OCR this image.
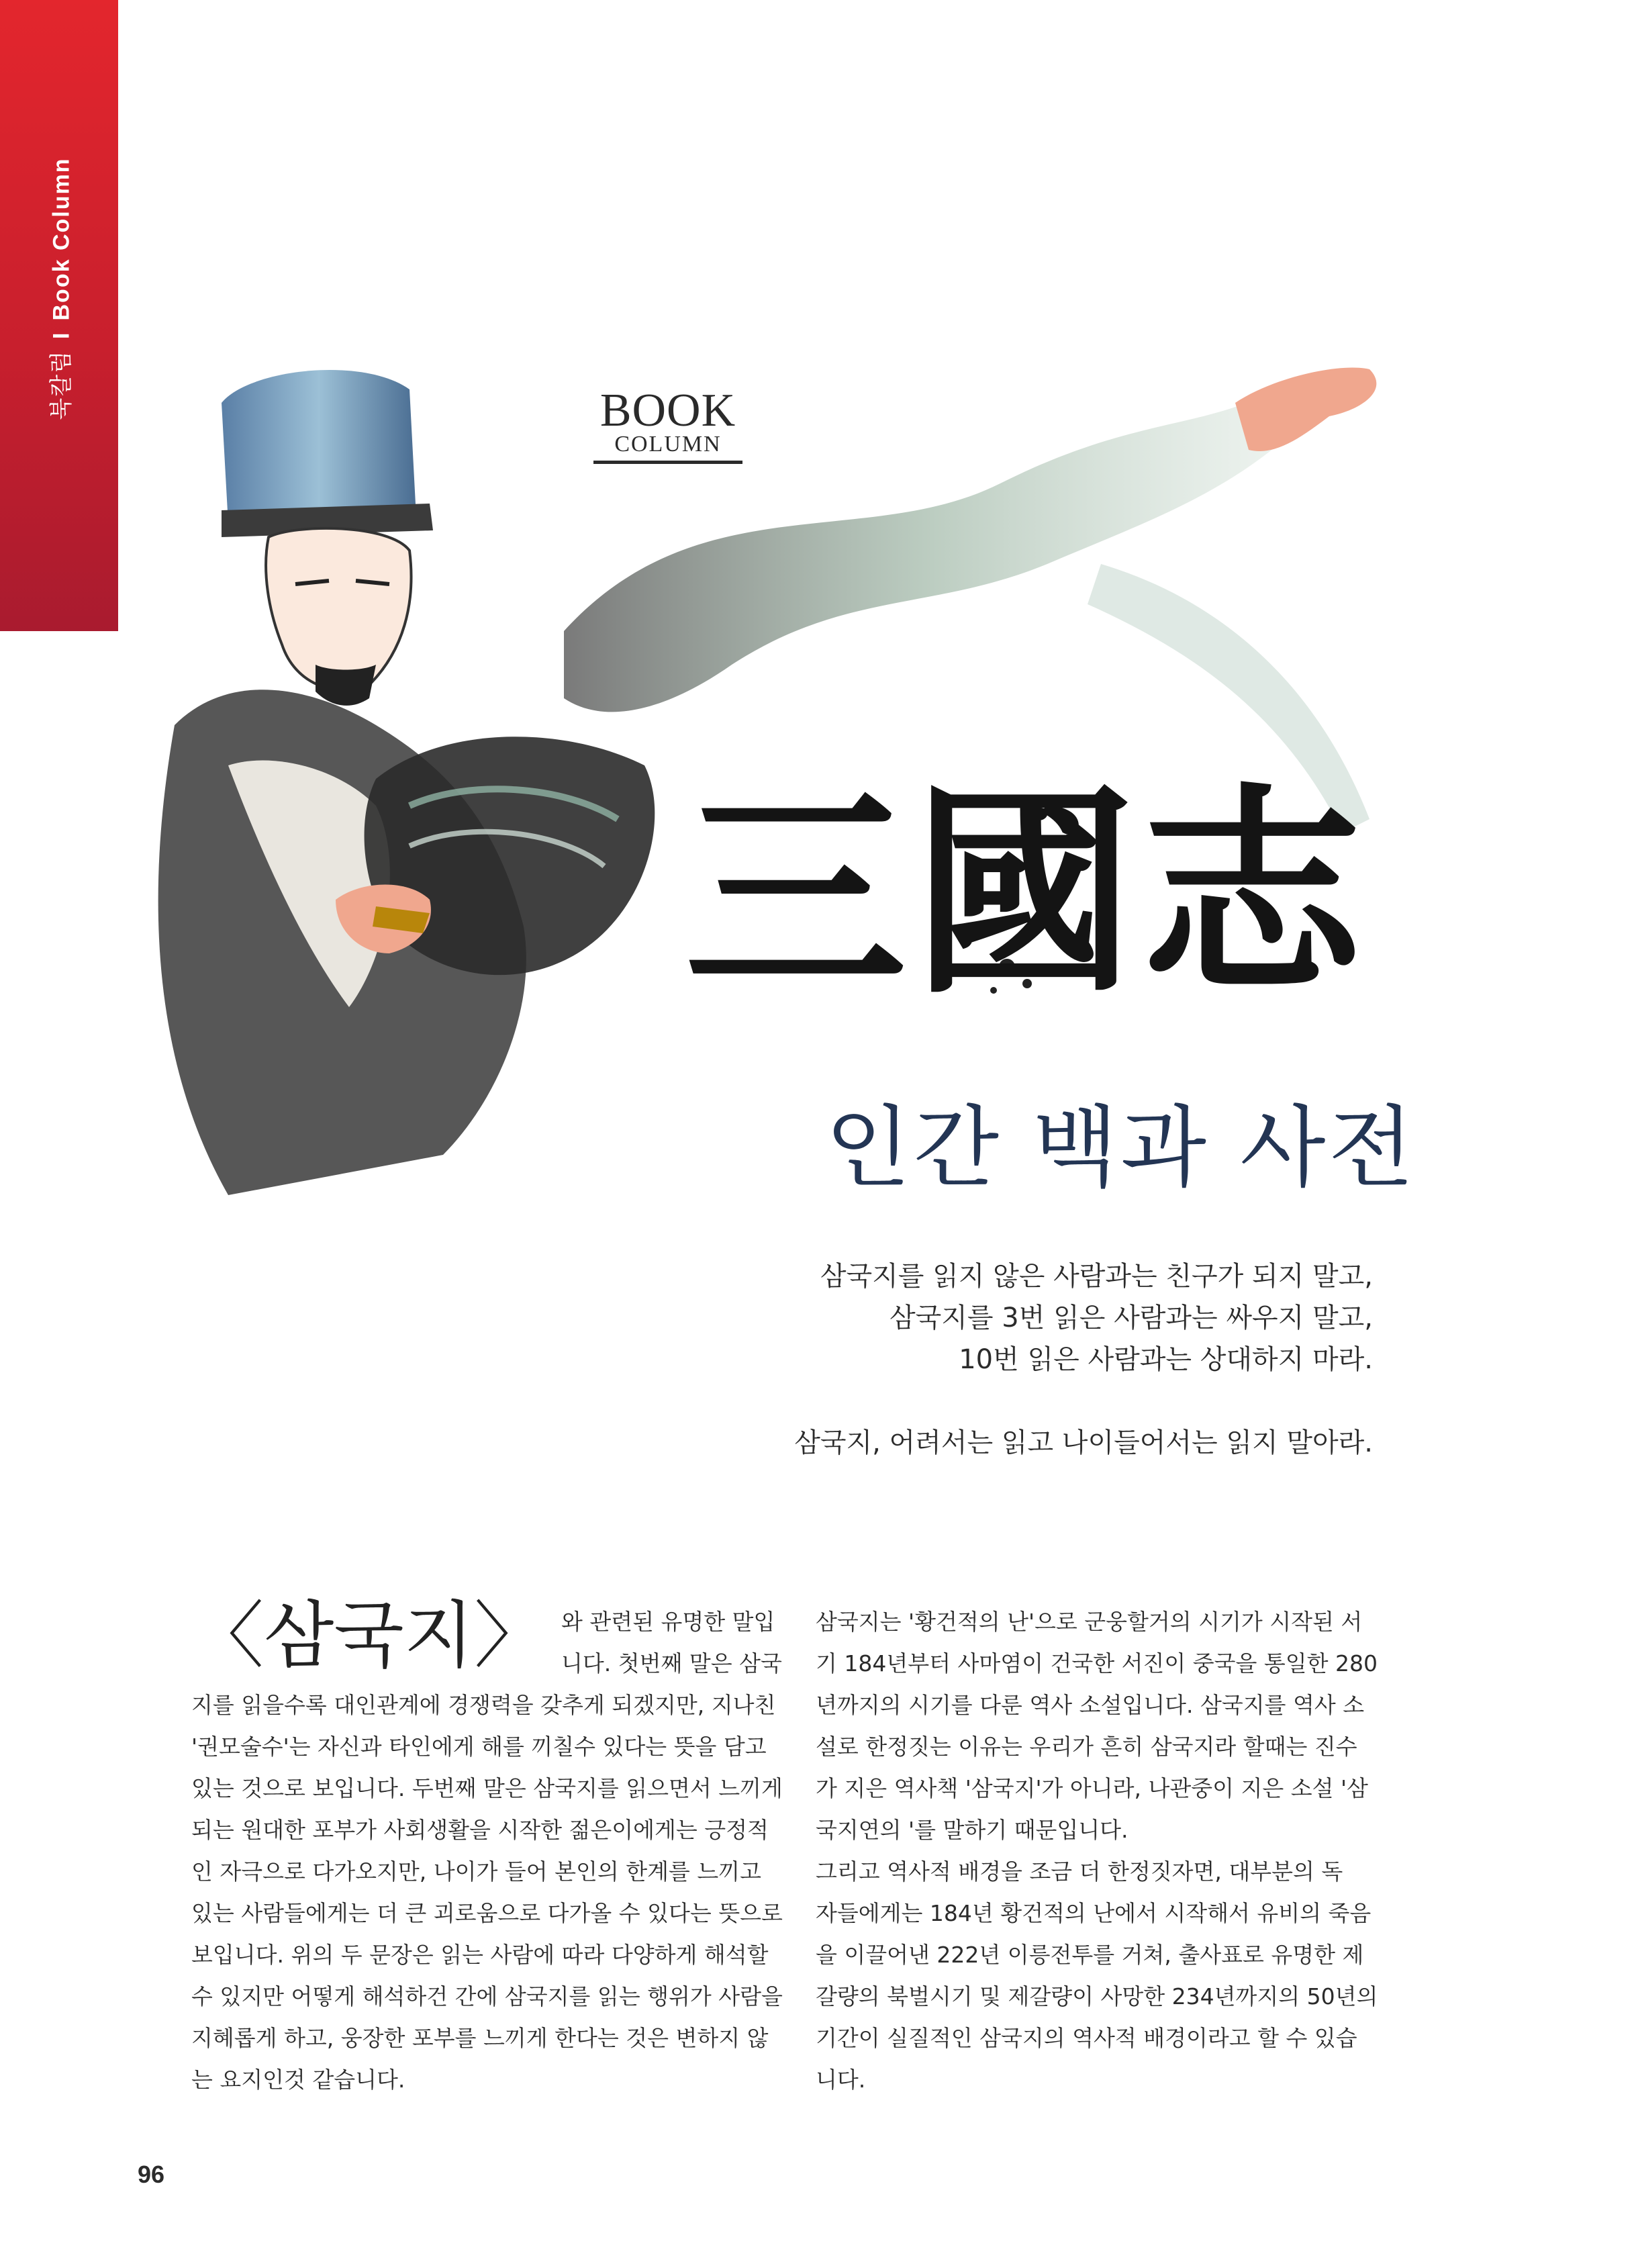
북칼럼IBook Column
BOOK
COLUMN
三國志
인간 백과 사전
삼국지를 읽지 않은 사람과는 친구가 되지 말고,
삼국지를 3번 읽은 사람과는 싸우지 말고,
10번 읽은 사람과는 상대하지 마라.
삼국지, 어려서는 읽고 나이들어서는 읽지 말아라.
〈삼국지〉 와 관련된 유명한 말입니다. 첫번째 말은 삼국지를 읽을수록 대인관계에 경쟁력을 갖추게 되겠지만, 지나친 '권모술수'는 자신과 타인에게 해를 끼칠수 있다는 뜻을 담고 있는 것으로 보입니다. 두번째 말은 삼국지를 읽으면서 느끼게 되는 원대한 포부가 사회생활을 시작한 젊은이에게는 긍정적인 자극으로 다가오지만, 나이가 들어 본인의 한계를 느끼고 있는 사람들에게는 더 큰 괴로움으로 다가올 수 있다는 뜻으로 보입니다. 위의 두 문장은 읽는 사람에 따라 다양하게 해석할 수 있지만 어떻게 해석하건 간에 삼국지를 읽는 행위가 사람을 지혜롭게 하고, 웅장한 포부를 느끼게 한다는 것은 변하지 않는 요지인것 같습니다.

삼국지는 '황건적의 난'으로 군웅할거의 시기가 시작된 서
기 184년부터 사마염이 건국한 서진이 중국을 통일한 280
년까지의 시기를 다룬 역사 소설입니다. 삼국지를 역사 소
설로 한정짓는 이유는 우리가 흔히 삼국지라 할때는 진수
가 지은 역사책 '삼국지'가 아니라, 나관중이 지은 소설 '삼
국지연의 '를 말하기 때문입니다.
그리고 역사적 배경을 조금 더 한정짓자면, 대부분의 독
자들에게는 184년 황건적의 난에서 시작해서 유비의 죽음
을 이끌어낸 222년 이릉전투를 거쳐, 출사표로 유명한 제
갈량의 북벌시기 및 제갈량이 사망한 234년까지의 50년의
기간이 실질적인 삼국지의 역사적 배경이라고 할 수 있습
니다.
96
